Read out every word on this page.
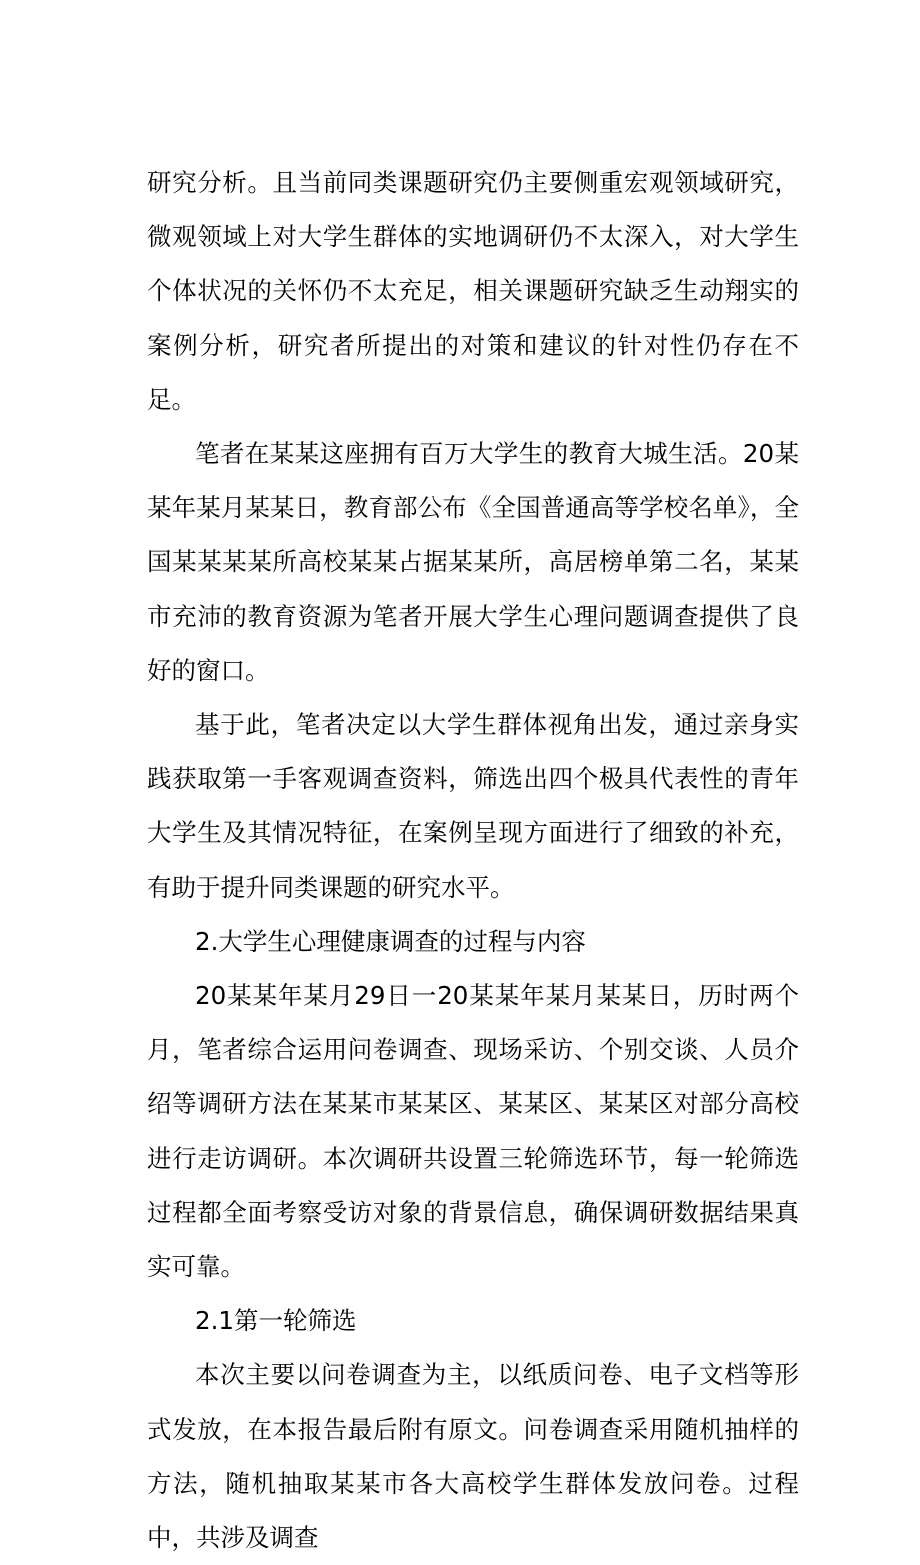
研究分析。且当前同类课题研究仍主要侧重宏观领域研究，微观领域上对大学生群体的实地调研仍不太深入，对大学生个体状况的关怀仍不太充足，相关课题研究缺乏生动翔实的案例分析，研究者所提出的对策和建议的针对性仍存在不足。

笔者在某某这座拥有百万大学生的教育大城生活。20某某年某月某某日，教育部公布《全国普通高等学校名单》，全国某某某某所高校某某占据某某所，高居榜单第二名，某某市充沛的教育资源为笔者开展大学生心理问题调查提供了良好的窗口。

基于此，笔者决定以大学生群体视角出发，通过亲身实践获取第一手客观调查资料，筛选出四个极具代表性的青年大学生及其情况特征，在案例呈现方面进行了细致的补充，有助于提升同类课题的研究水平。

2.大学生心理健康调查的过程与内容

20某某年某月29日一20某某年某月某某日，历时两个月，笔者综合运用问卷调查、现场采访、个别交谈、人员介绍等调研方法在某某市某某区、某某区、某某区对部分高校进行走访调研。本次调研共设置三轮筛选环节，每一轮筛选过程都全面考察受访对象的背景信息，确保调研数据结果真实可靠。

2.1第一轮筛选

本次主要以问卷调查为主，以纸质问卷、电子文档等形式发放，在本报告最后附有原文。问卷调查采用随机抽样的方法，随机抽取某某市各大高校学生群体发放问卷。过程中，共涉及调查
